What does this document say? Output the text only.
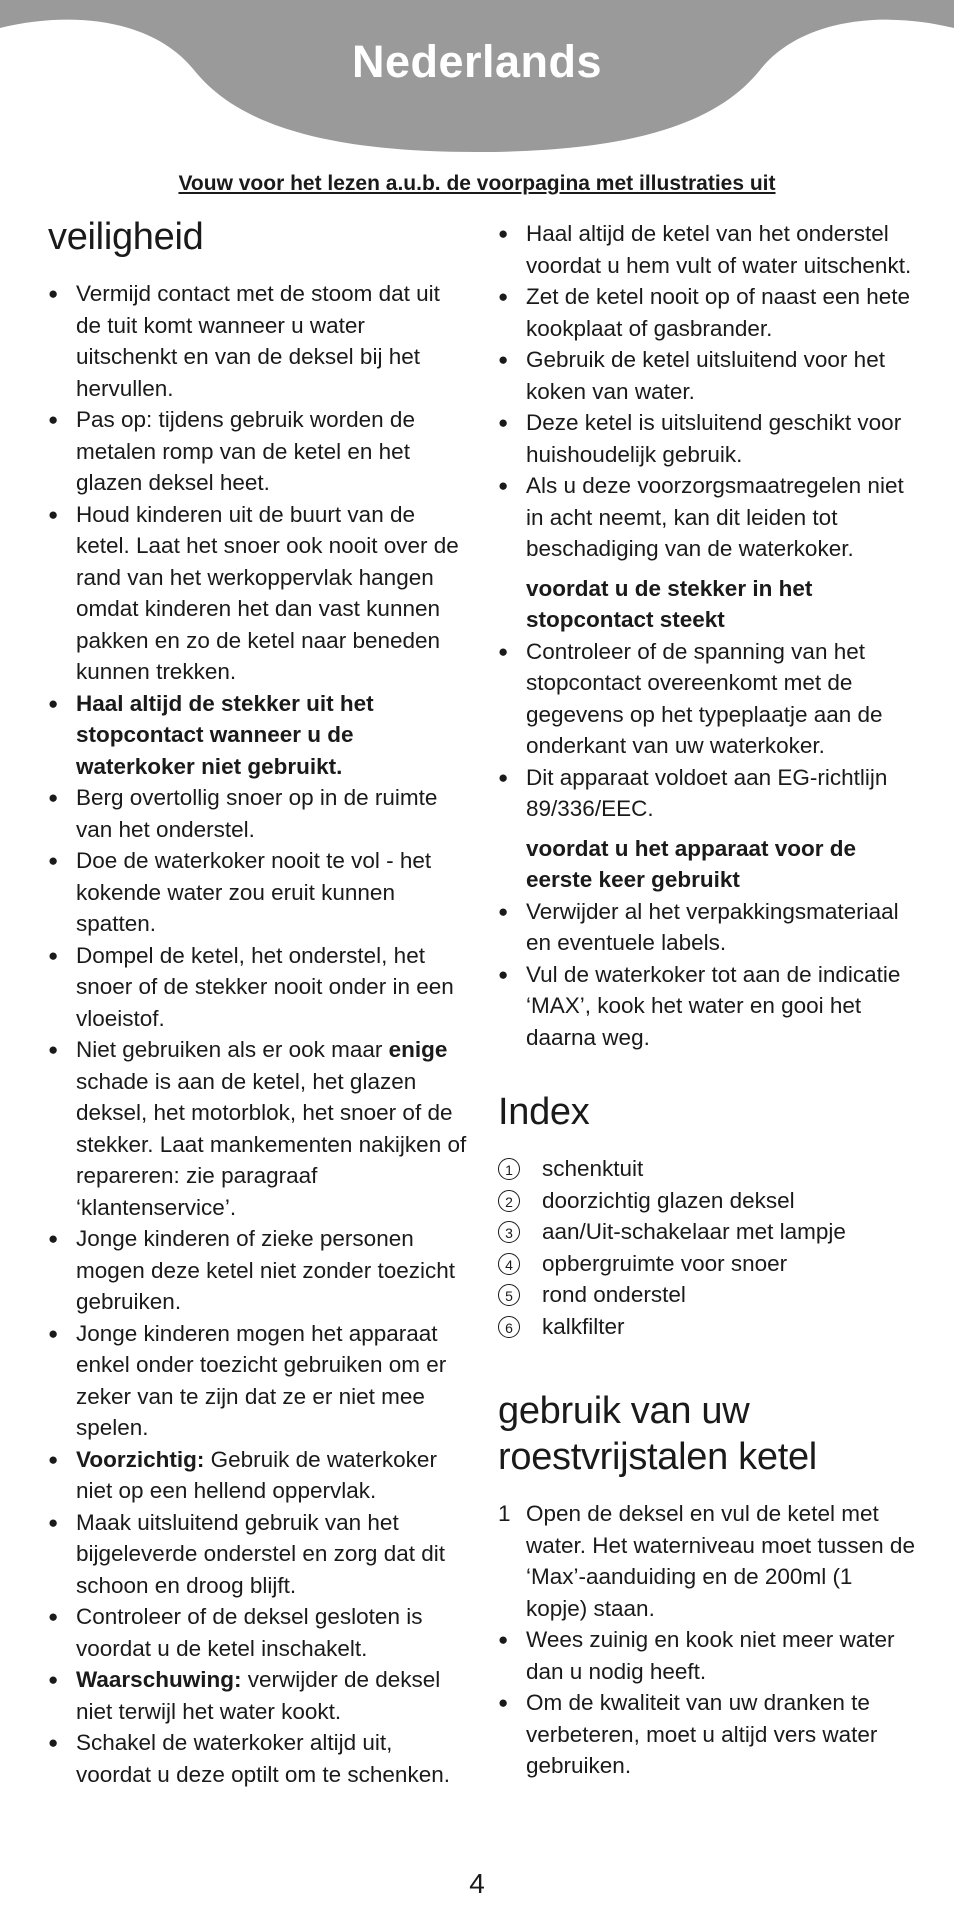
Nederlands
Vouw voor het lezen a.u.b. de voorpagina met illustraties uit
veiligheid
● Vermijd contact met de stoom dat uit de tuit komt wanneer u water uitschenkt en van de deksel bij het hervullen.
● Pas op: tijdens gebruik worden de metalen romp van de ketel en het glazen deksel heet.
● Houd kinderen uit de buurt van de ketel. Laat het snoer ook nooit over de rand van het werkoppervlak hangen omdat kinderen het dan vast kunnen pakken en zo de ketel naar beneden kunnen trekken.
● Haal altijd de stekker uit het stopcontact wanneer u de waterkoker niet gebruikt.
● Berg overtollig snoer op in de ruimte van het onderstel.
● Doe de waterkoker nooit te vol - het kokende water zou eruit kunnen spatten.
● Dompel de ketel, het onderstel, het snoer of de stekker nooit onder in een vloeistof.
● Niet gebruiken als er ook maar enige schade is aan de ketel, het glazen deksel, het motorblok, het snoer of de stekker. Laat mankementen nakijken of repareren: zie paragraaf ‘klantenservice’.
● Jonge kinderen of zieke personen mogen deze ketel niet zonder toezicht gebruiken.
● Jonge kinderen mogen het apparaat enkel onder toezicht gebruiken om er zeker van te zijn dat ze er niet mee spelen.
● Voorzichtig: Gebruik de waterkoker niet op een hellend oppervlak.
● Maak uitsluitend gebruik van het bijgeleverde onderstel en zorg dat dit schoon en droog blijft.
● Controleer of de deksel gesloten is voordat u de ketel inschakelt.
● Waarschuwing: verwijder de deksel niet terwijl het water kookt.
● Schakel de waterkoker altijd uit, voordat u deze optilt om te schenken.
● Haal altijd de ketel van het onderstel voordat u hem vult of water uitschenkt.
● Zet de ketel nooit op of naast een hete kookplaat of gasbrander.
● Gebruik de ketel uitsluitend voor het koken van water.
● Deze ketel is uitsluitend geschikt voor huishoudelijk gebruik.
● Als u deze voorzorgsmaatregelen niet in acht neemt, kan dit leiden tot beschadiging van de waterkoker.
voordat u de stekker in het stopcontact steekt
● Controleer of de spanning van het stopcontact overeenkomt met de gegevens op het typeplaatje aan de onderkant van uw waterkoker.
● Dit apparaat voldoet aan EG-richtlijn 89/336/EEC.
voordat u het apparaat voor de eerste keer gebruikt
● Verwijder al het verpakkingsmateriaal en eventuele labels.
● Vul de waterkoker tot aan de indicatie ‘MAX’, kook het water en gooi het daarna weg.
Index
1	schenktuit
2	doorzichtig glazen deksel
3	aan/Uit-schakelaar met lampje
4	opbergruimte voor snoer
5	rond onderstel
6	kalkfilter
gebruik van uw roestvrijstalen ketel
1 Open de deksel en vul de ketel met water. Het waterniveau moet tussen de ‘Max’-aanduiding en de 200ml (1 kopje) staan.
● Wees zuinig en kook niet meer water dan u nodig heeft.
● Om de kwaliteit van uw dranken te verbeteren, moet u altijd vers water gebruiken.
4
